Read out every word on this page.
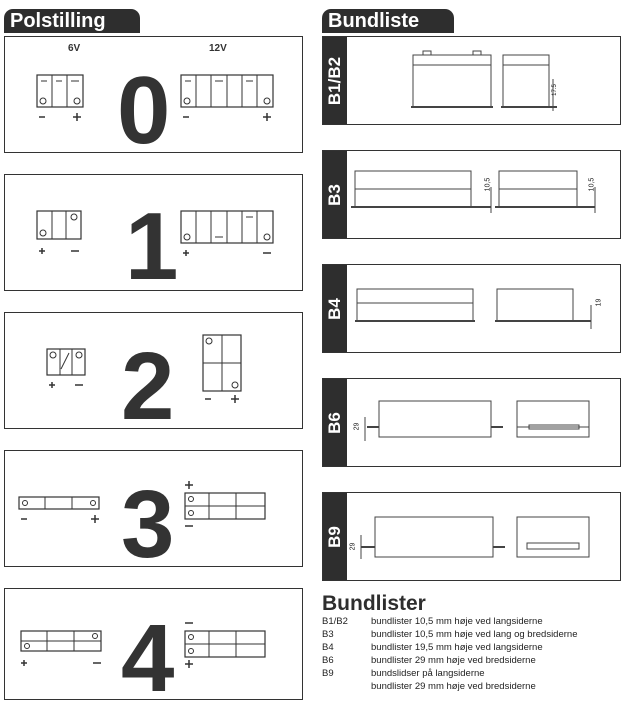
Polstilling
6V	12V
0
1
2
3
4
Bundliste
B1/B2	17.5
B3	10,5	10,5
B4	19
B6 29
B9 29
Bundlister
B1/B2 bundlister 10,5 mm høje ved langsiderne
B3	bundlister 10,5 mm høje ved lang og bredsiderne
B4	bundlister 19,5 mm høje ved langsiderne
B6	bundlister 29 mm høje ved bredsiderne
B9	bundslidser på langsiderne
bundlister 29 mm høje ved bredsiderne
